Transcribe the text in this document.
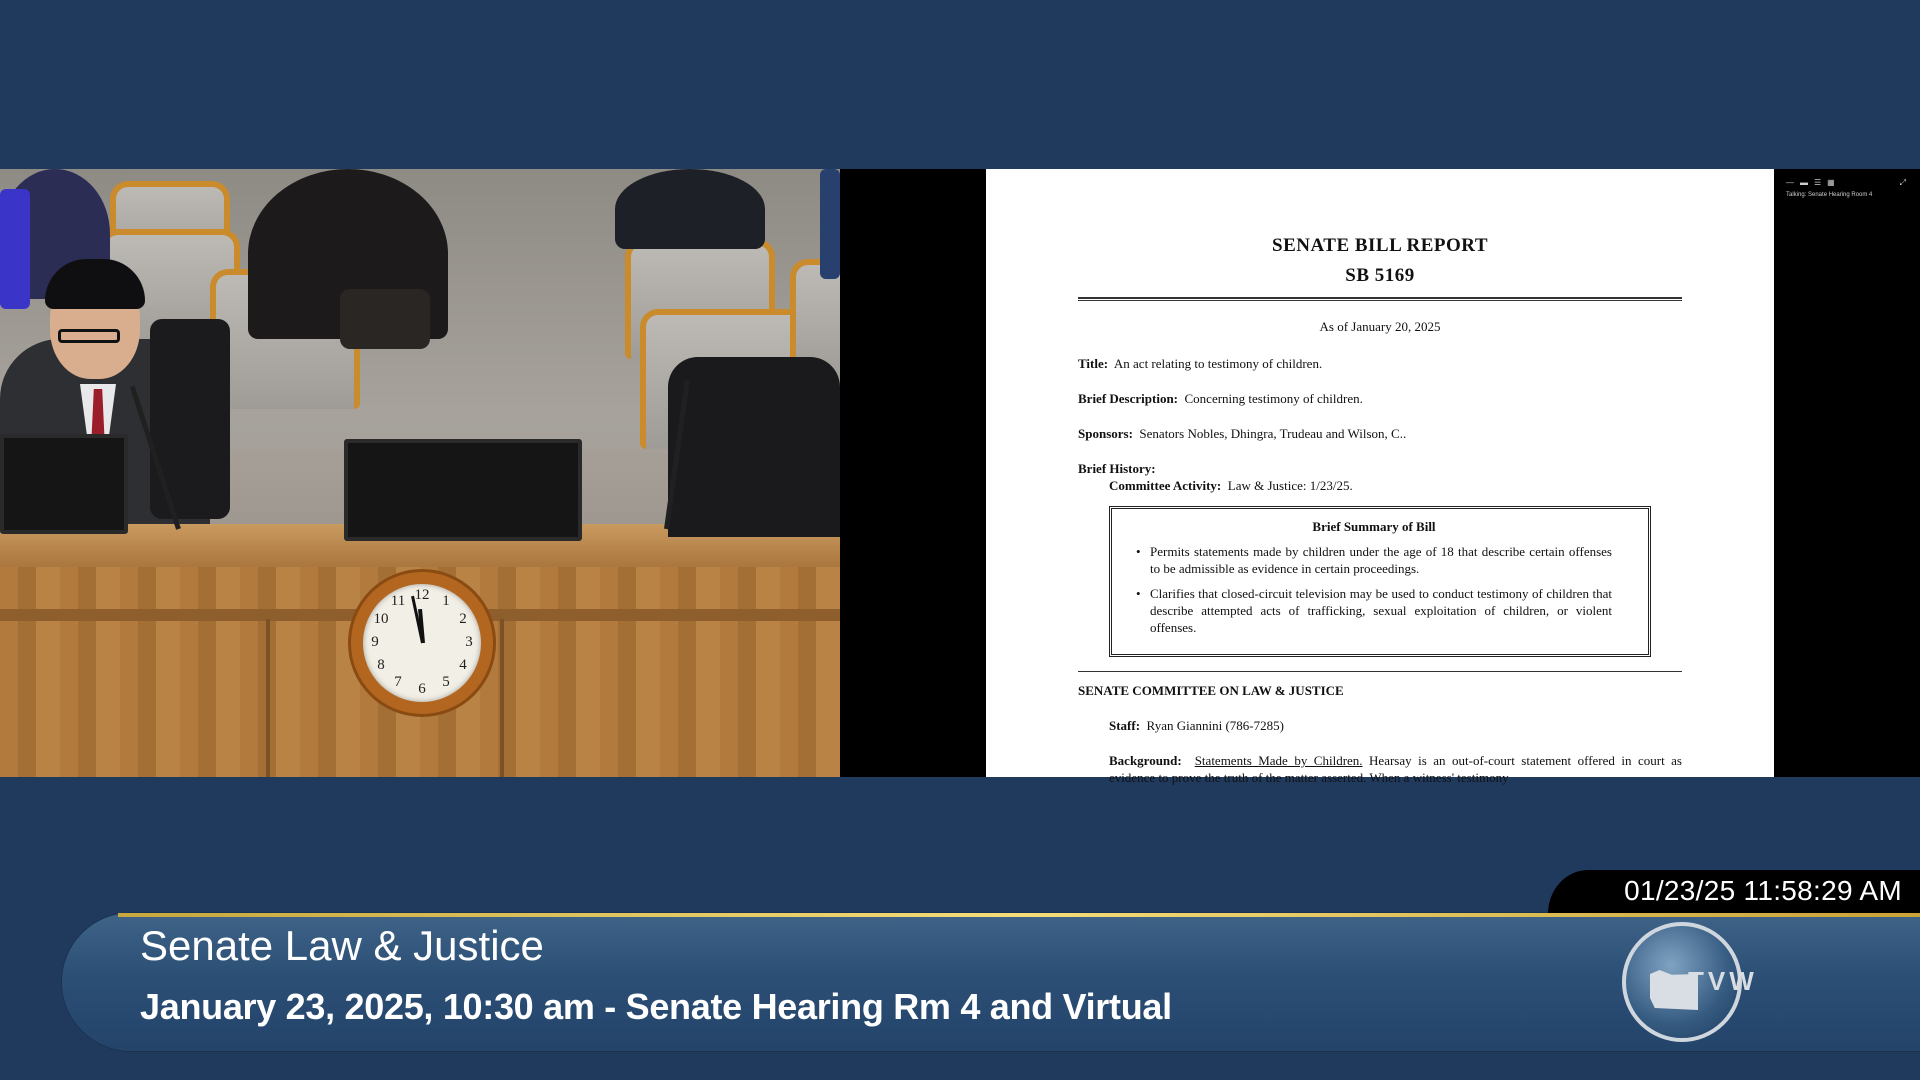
12 1
2
3
4
5
6
7
8
9
10
11
SENATE BILL REPORT
SB 5169
As of January 20, 2025
Title: An act relating to testimony of children.
Brief Description: Concerning testimony of children.
Sponsors: Senators Nobles, Dhingra, Trudeau and Wilson, C..
Brief History:
Committee Activity: Law & Justice: 1/23/25.
Brief Summary of Bill
• Permits statements made by children under the age of 18 that describe certain offenses to be admissible as evidence in certain proceedings.
• Clarifies that closed-circuit television may be used to conduct testimony of children that describe attempted acts of trafficking, sexual exploitation of children, or violent offenses.
SENATE COMMITTEE ON LAW & JUSTICE
Staff: Ryan Giannini (786-7285)
Background: Statements Made by Children. Hearsay is an out-of-court statement offered in court as evidence to prove the truth of the matter asserted. When a witness' testimony
— ▬ ☰ ▦	⤢
Talking: Senate Hearing Room 4
01/23/25 11:58:29 AM
Senate Law & Justice
January 23, 2025, 10:30 am - Senate Hearing Rm 4 and Virtual
TVW
